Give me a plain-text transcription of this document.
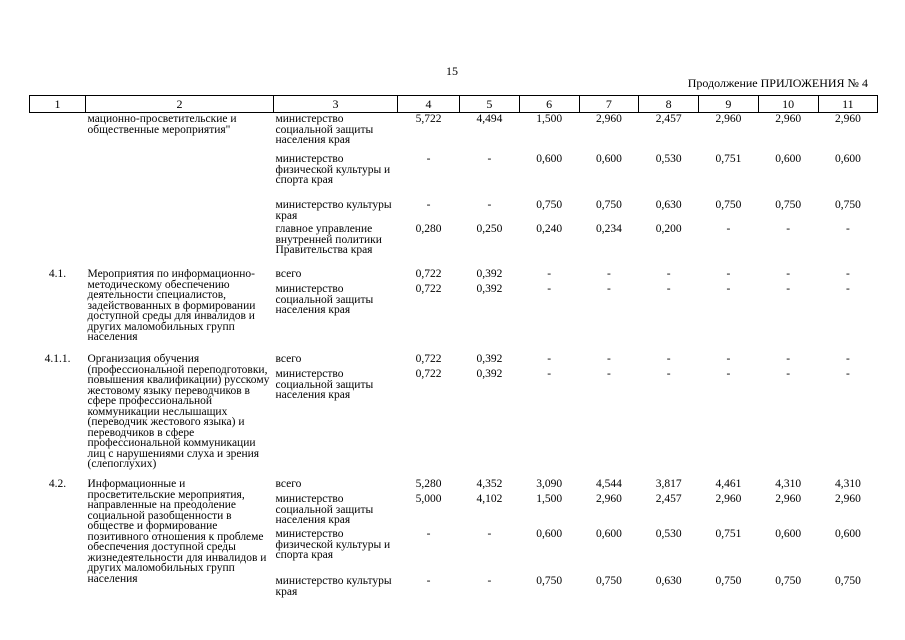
15
Продолжение ПРИЛОЖЕНИЯ № 4
1	2	3	4	5	6	7	8	9	10	11
	мационно-просветительские и общественные мероприятия"	министерство социальной защиты населения края	5,722	4,494	1,500	2,960	2,457	2,960	2,960	2,960
		министерство физической культуры и спорта края	-	-	0,600	0,600	0,530	0,751	0,600	0,600
		министерство культуры края	-	-	0,750	0,750	0,630	0,750	0,750	0,750
		главное управление внутренней политики Правительства края	0,280	0,250	0,240	0,234	0,200	-	-	-
4.1.	Мероприятия по информационно-методическому обеспечению деятельности специалистов, задействованных в формировании доступной среды для инвалидов и других маломобильных групп населения	всего	0,722	0,392	-	-	-	-	-	-
		министерство социальной защиты населения края	0,722	0,392	-	-	-	-	-	-
4.1.1.	Организация обучения (профессиональной переподготовки, повышения квалификации) русскому жестовому языку переводчиков в сфере профессиональной коммуникации неслышащих (переводчик жестового языка) и переводчиков в сфере профессиональной коммуникации лиц с нарушениями слуха и зрения (слепоглухих)	всего	0,722	0,392	-	-	-	-	-	-
		министерство социальной защиты населения края	0,722	0,392	-	-	-	-	-	-
4.2.	Информационные и просветительские мероприятия, направленные на преодоление социальной разобщенности в обществе и формирование позитивного отношения к проблеме обеспечения доступной среды жизнедеятельности для инвалидов и других маломобильных групп населения	всего	5,280	4,352	3,090	4,544	3,817	4,461	4,310	4,310
		министерство социальной защиты населения края	5,000	4,102	1,500	2,960	2,457	2,960	2,960	2,960
		министерство физической культуры и спорта края	-	-	0,600	0,600	0,530	0,751	0,600	0,600
		министерство культуры края	-	-	0,750	0,750	0,630	0,750	0,750	0,750
